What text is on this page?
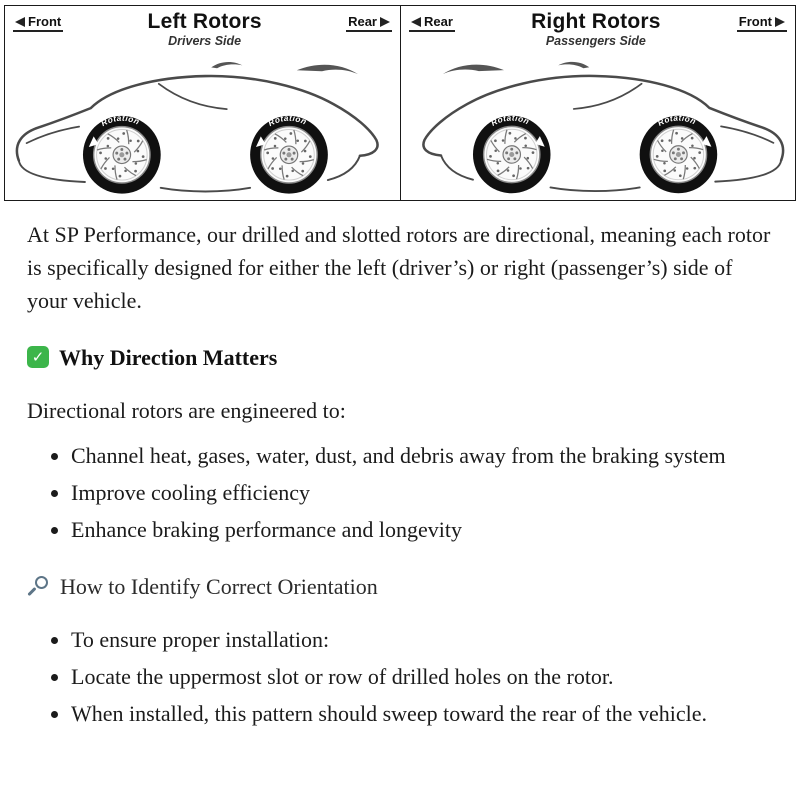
Front	Left Rotors
Drivers Side
Rear
Rotation	Rotation
Rear	Right Rotors
Passengers Side
Front
Rotation
Rotation

At SP Performance, our drilled and slotted rotors are directional, meaning each rotor is specifically designed for either the left (driver’s) or right (passenger’s) side of your vehicle.

✓ Why Direction Matters

Directional rotors are engineered to:

• Channel heat, gases, water, dust, and debris away from the braking system
• Improve cooling efficiency
• Enhance braking performance and longevity
How to Identify Correct Orientation
• To ensure proper installation:
• Locate the uppermost slot or row of drilled holes on the rotor.
• When installed, this pattern should sweep toward the rear of the vehicle.
